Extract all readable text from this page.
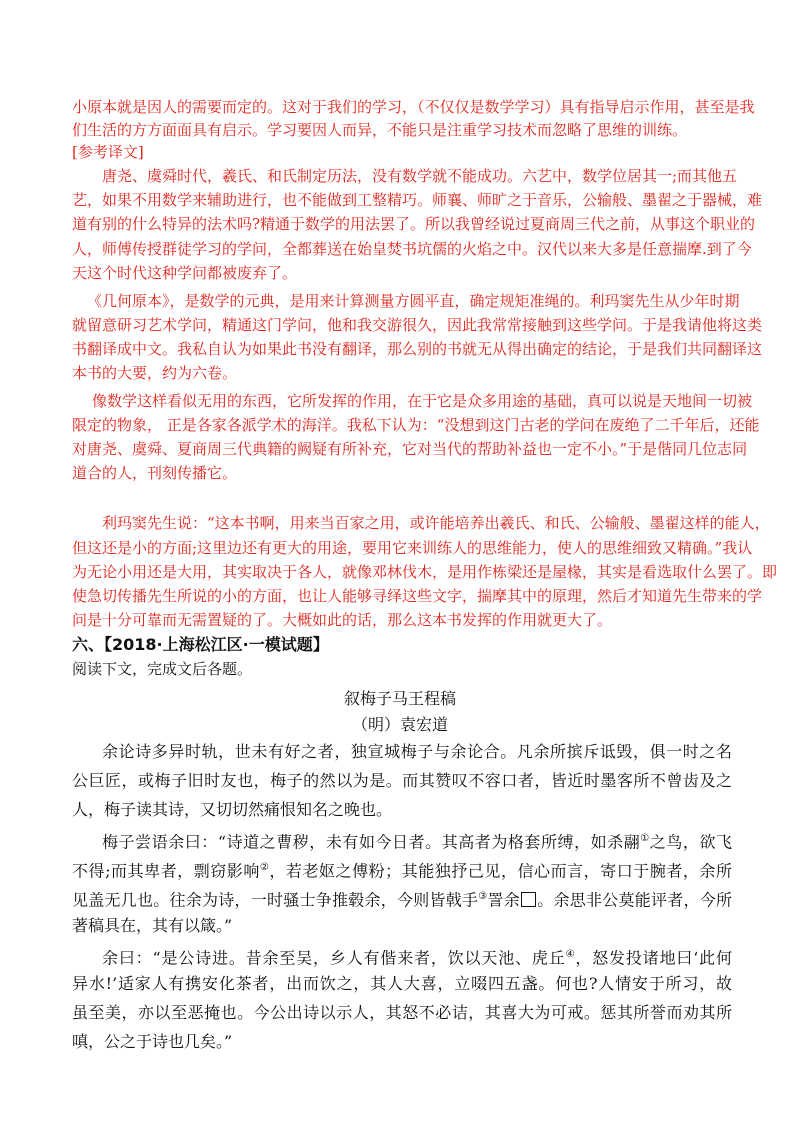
小原本就是因人的需要而定的。这对于我们的学习，（不仅仅是数学学习）具有指导启示作用，甚至是我
们生活的方方面面具有启示。学习要因人而异，不能只是注重学习技术而忽略了思维的训练。
[参考译文]
唐尧、虞舜时代，羲氏、和氏制定历法，没有数学就不能成功。六艺中，数学位居其一;而其他五
艺，如果不用数学来辅助进行，也不能做到工整精巧。师襄、师旷之于音乐，公输般、墨翟之于器械，难
道有别的什么特异的法术吗?精通于数学的用法罢了。所以我曾经说过夏商周三代之前，从事这个职业的
人，师傅传授群徒学习的学问，全都葬送在始皇焚书坑儒的火焰之中。汉代以来大多是任意揣摩.到了今
天这个时代这种学问都被废弃了。
《几何原本》，是数学的元典，是用来计算测量方圆平直，确定规矩准绳的。利玛窦先生从少年时期
就留意研习艺术学问，精通这门学问，他和我交游很久，因此我常常接触到这些学问。于是我请他将这类
书翻译成中文。我私自认为如果此书没有翻译，那么别的书就无从得出确定的结论，于是我们共同翻译这
本书的大要，约为六卷。
像数学这样看似无用的东西，它所发挥的作用，在于它是众多用途的基础，真可以说是天地间一切被
限定的物象， 正是各家各派学术的海洋。我私下认为：“没想到这门古老的学问在废绝了二千年后，还能
对唐尧、虞舜、夏商周三代典籍的阙疑有所补充，它对当代的帮助补益也一定不小。”于是偕同几位志同
道合的人，刊刻传播它。
利玛窦先生说：“这本书啊，用来当百家之用，或许能培养出羲氏、和氏、公输般、墨翟这样的能人，
但这还是小的方面;这里边还有更大的用途，要用它来训练人的思维能力，使人的思维细致又精确。”我认
为无论小用还是大用，其实取决于各人，就像邓林伐木，是用作栋梁还是屋椽，其实是看选取什么罢了。即
使急切传播先生所说的小的方面，也让人能够寻绎这些文字，揣摩其中的原理，然后才知道先生带来的学
问是十分可靠而无需置疑的了。大概如此的话，那么这本书发挥的作用就更大了。
六、【2018·上海松江区·一模试题】
阅读下文，完成文后各题。
叙梅子马王程稿
（明）袁宏道
余论诗多异时轨，世未有好之者，独宣城梅子与余论合。凡余所摈斥诋毁，俱一时之名
公巨匠，或梅子旧时友也，梅子的然以为是。而其赞叹不容口者，皆近时墨客所不曾齿及之
人，梅子读其诗，又切切然痛恨知名之晚也。
梅子尝语余曰：“诗道之曹秽，未有如今日者。其高者为格套所缚，如杀翮①之鸟，欲飞
不得;而其卑者，剽窃影响②，若老妪之傅粉；其能独抒己见，信心而言，寄口于腕者，余所
见盖无几也。往余为诗，一时骚士争推毂余，今则皆戟手③詈余 。余思非公莫能评者，今所
著稿具在，其有以箴。”
余曰：“是公诗进。昔余至吴，乡人有偕来者，饮以天池、虎丘④，怒发投诸地曰‘此何
异水!’适家人有携安化茶者，出而饮之，其人大喜，立啜四五盏。何也?人情安于所习，故
虽至美，亦以至恶掩也。今公出诗以示人，其怒不必诘，其喜大为可戒。惩其所誉而劝其所
嗔，公之于诗也几矣。”
